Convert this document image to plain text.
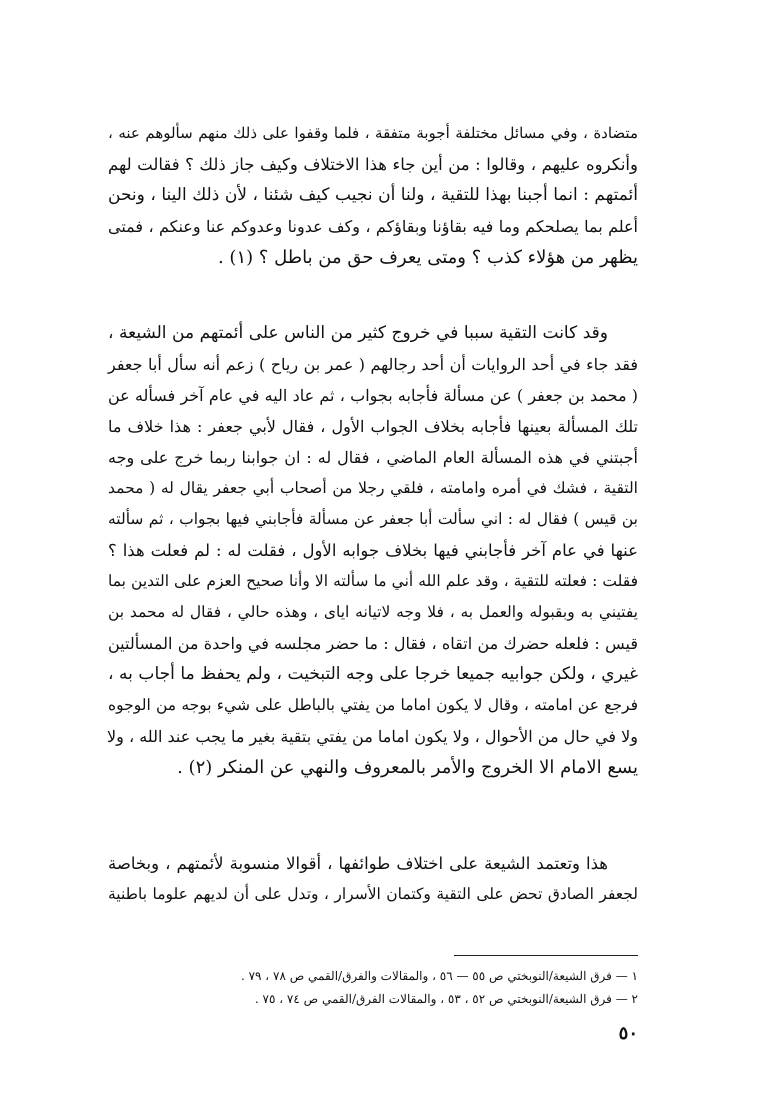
متضادة ، وفي مسائل مختلفة أجوبة متفقة ، فلما وقفوا على ذلك منهم سألوهم عنه ،
وأنكروه عليهم ، وقالوا : من أين جاء هذا الاختلاف وكيف جاز ذلك ؟ فقالت لهم
أئمتهم : انما أجبنا بهذا للتقية ، ولنا أن نجيب كيف شئنا ، لأن ذلك الينا ، ونحن
أعلم بما يصلحكم وما فيه بقاؤنا وبقاؤكم ، وكف عدونا وعدوكم عنا وعنكم ، فمتى
يظهر من هؤلاء كذب ؟ ومتى يعرف حق من باطل ؟ (١) .
وقد كانت التقية سببا في خروج كثير من الناس على أئمتهم من الشيعة ،
فقد جاء في أحد الروايات أن أحد رجالهم ( عمر بن رياح ) زعم أنه سأل أبا جعفر
( محمد بن جعفر ) عن مسألة فأجابه بجواب ، ثم عاد اليه في عام آخر فسأله عن
تلك المسألة بعينها فأجابه بخلاف الجواب الأول ، فقال لأبي جعفر : هذا خلاف ما
أجبتني في هذه المسألة العام الماضي ، فقال له : ان جوابنا ربما خرج على وجه
التقية ، فشك في أمره وامامته ، فلقي رجلا من أصحاب أبي جعفر يقال له ( محمد
بن قيس ) فقال له : اني سألت أبا جعفر عن مسألة فأجابني فيها بجواب ، ثم سألته
عنها في عام آخر فأجابني فيها بخلاف جوابه الأول ، فقلت له : لم فعلت هذا ؟
فقلت : فعلته للتقية ، وقد علم الله أني ما سألته الا وأنا صحيح العزم على التدين بما
يفتيني به وبقبوله والعمل به ، فلا وجه لاتيانه اياى ، وهذه حالي ، فقال له محمد بن
قيس : فلعله حضرك من اتقاه ، فقال : ما حضر مجلسه في واحدة من المسألتين
غيري ، ولكن جوابيه جميعا خرجا على وجه التبخيت ، ولم يحفظ ما أجاب به ،
فرجع عن امامته ، وقال لا يكون اماما من يفتي بالباطل على شيء بوجه من الوجوه
ولا في حال من الأحوال ، ولا يكون اماما من يفتي بتقية بغير ما يجب عند الله ، ولا
يسع الامام الا الخروج والأمر بالمعروف والنهي عن المنكر (٢) .
هذا وتعتمد الشيعة على اختلاف طوائفها ، أقوالا منسوبة لأئمتهم ، وبخاصة
لجعفر الصادق تحض على التقية وكتمان الأسرار ، وتدل على أن لديهم علوما باطنية
١ — فرق الشيعة/النوبختي ص ٥٥ — ٥٦ ، والمقالات والفرق/القمي ص ٧٨ ، ٧٩ .
٢ — فرق الشيعة/النوبختي ص ٥٢ ، ٥٣ ، والمقالات الفرق/القمي ص ٧٤ ، ٧٥ .
٥٠
